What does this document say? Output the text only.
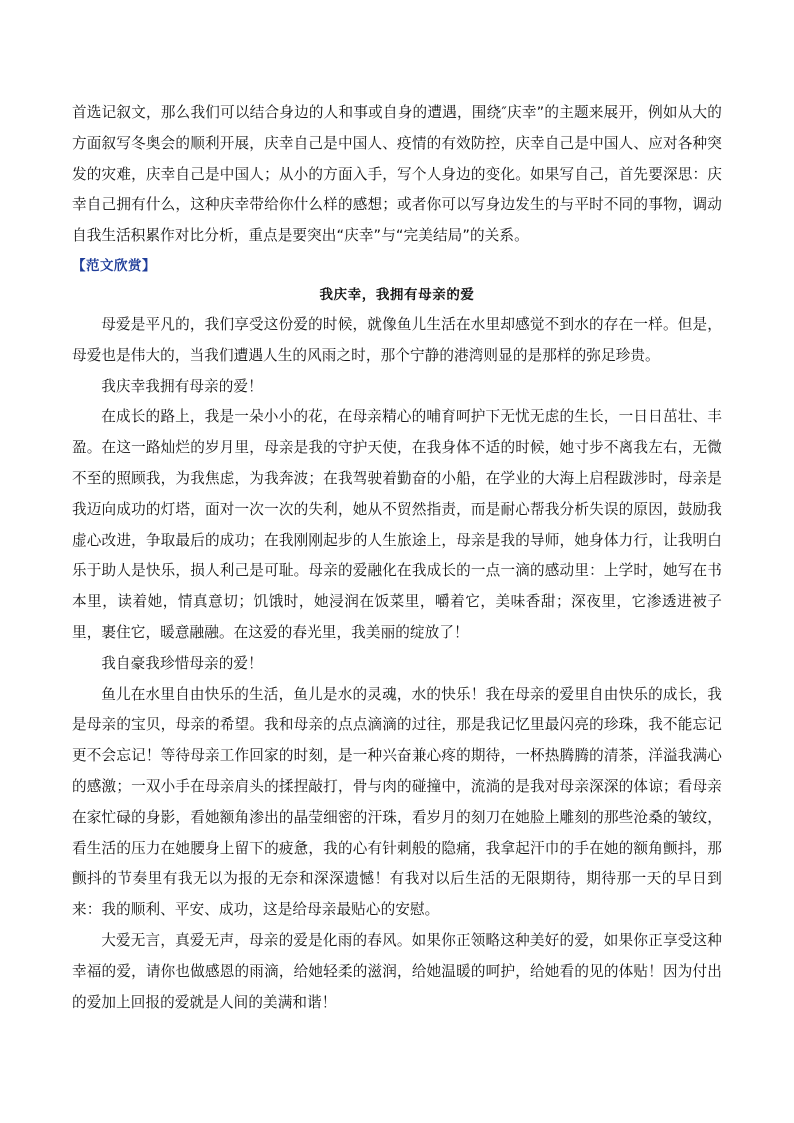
首选记叙文，那么我们可以结合身边的人和事或自身的遭遇，围绕″庆幸”的主题来展开，例如从大的方面叙写冬奥会的顺利开展，庆幸自己是中国人、疫情的有效防控，庆幸自己是中国人、应对各种突发的灾难，庆幸自己是中国人；从小的方面入手，写个人身边的变化。如果写自己，首先要深思：庆幸自己拥有什么，这种庆幸带给你什么样的感想；或者你可以写身边发生的与平时不同的事物，调动自我生活积累作对比分析，重点是要突出“庆幸”与“完美结局”的关系。

【范文欣赏】

我庆幸，我拥有母亲的爱

母爱是平凡的，我们享受这份爱的时候，就像鱼儿生活在水里却感觉不到水的存在一样。但是，母爱也是伟大的，当我们遭遇人生的风雨之时，那个宁静的港湾则显的是那样的弥足珍贵。

我庆幸我拥有母亲的爱！

在成长的路上，我是一朵小小的花，在母亲精心的哺育呵护下无忧无虑的生长，一日日茁壮、丰盈。在这一路灿烂的岁月里，母亲是我的守护天使，在我身体不适的时候，她寸步不离我左右，无微不至的照顾我，为我焦虑，为我奔波；在我驾驶着勤奋的小船，在学业的大海上启程跋涉时，母亲是我迈向成功的灯塔，面对一次一次的失利，她从不贸然指责，而是耐心帮我分析失误的原因，鼓励我虚心改进，争取最后的成功；在我刚刚起步的人生旅途上，母亲是我的导师，她身体力行，让我明白乐于助人是快乐，损人利己是可耻。母亲的爱融化在我成长的一点一滴的感动里：上学时，她写在书本里，读着她，情真意切；饥饿时，她浸润在饭菜里，嚼着它，美味香甜；深夜里，它渗透进被子里，裹住它，暖意融融。在这爱的春光里，我美丽的绽放了！

我自豪我珍惜母亲的爱！

鱼儿在水里自由快乐的生活，鱼儿是水的灵魂，水的快乐！我在母亲的爱里自由快乐的成长，我是母亲的宝贝，母亲的希望。我和母亲的点点滴滴的过往，那是我记忆里最闪亮的珍珠，我不能忘记更不会忘记！等待母亲工作回家的时刻，是一种兴奋兼心疼的期待，一杯热腾腾的清茶，洋溢我满心的感激；一双小手在母亲肩头的揉捏敲打，骨与肉的碰撞中，流淌的是我对母亲深深的体谅；看母亲在家忙碌的身影，看她额角渗出的晶莹细密的汗珠，看岁月的刻刀在她脸上雕刻的那些沧桑的皱纹，看生活的压力在她腰身上留下的疲惫，我的心有针刺般的隐痛，我拿起汗巾的手在她的额角颤抖，那颤抖的节奏里有我无以为报的无奈和深深遗憾！有我对以后生活的无限期待，期待那一天的早日到来：我的顺利、平安、成功，这是给母亲最贴心的安慰。

大爱无言，真爱无声，母亲的爱是化雨的春风。如果你正领略这种美好的爱，如果你正享受这种幸福的爱，请你也做感恩的雨滴，给她轻柔的滋润，给她温暖的呵护，给她看的见的体贴！因为付出的爱加上回报的爱就是人间的美满和谐！
